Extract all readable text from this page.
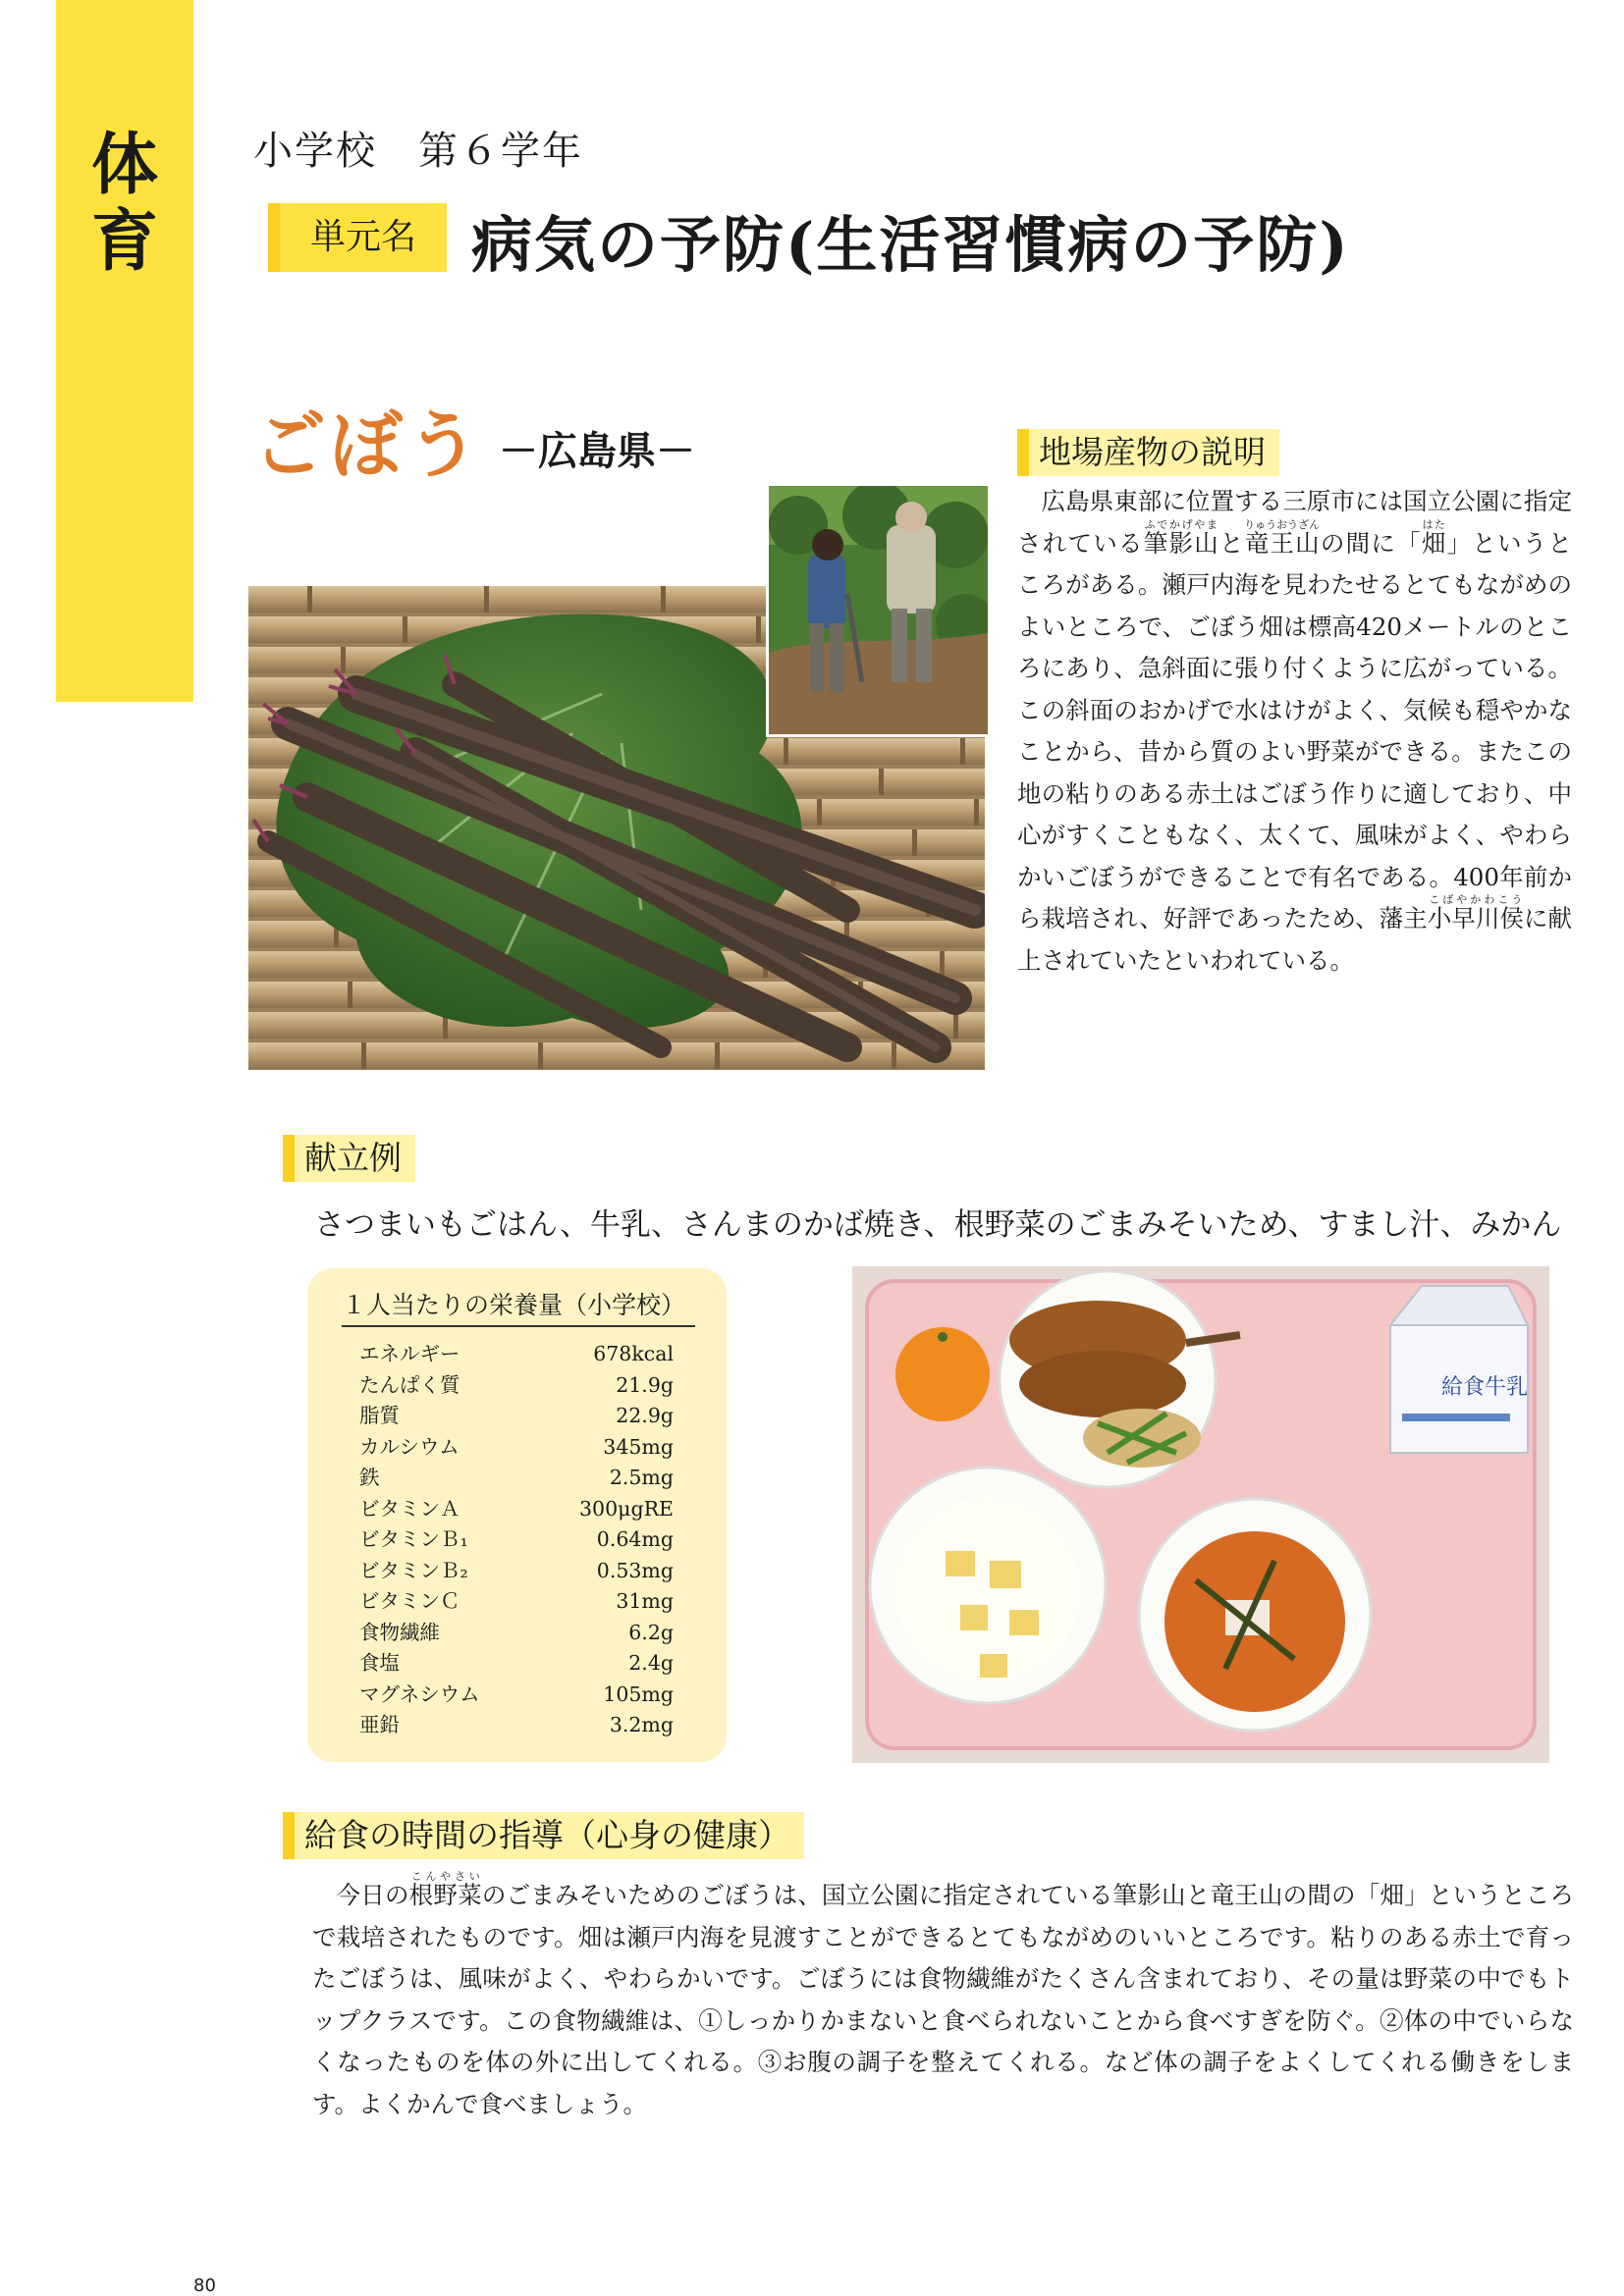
体
育
小学校　第６学年
単元名 病気の予防(生活習慣病の予防)
ごぼう －広島県－	地場産物の説明

広島県東部に位置する三原市には国立公園に指定されている筆影山ふでかげやまと竜王山りゅうおうざんの間に「畑はた」というところがある。瀬戸内海を見わたせるとてもながめのよいところで、ごぼう畑は標高420メートルのところにあり、急斜面に張り付くように広がっている。この斜面のおかげで水はけがよく、気候も穏やかなことから、昔から質のよい野菜ができる。またこの地の粘りのある赤土はごぼう作りに適しており、中心がすくこともなく、太くて、風味がよく、やわらかいごぼうができることで有名である。400年前から栽培され、好評であったため、藩主小早川侯こばやかわこうに献上されていたといわれている。

献立例
さつまいもごはん、牛乳、さんまのかば焼き、根野菜のごまみそいため、すまし汁、みかん
１人当たりの栄養量（小学校）
エネルギー	678kcal
たんぱく質	21.9g
脂質	22.9g
カルシウム	345mg
鉄	2.5mg
ビタミンＡ	300μgRE
ビタミンＢ₁	0.64mg
ビタミンＢ₂	0.53mg
ビタミンＣ	31mg
食物繊維	6.2g
食塩	2.4g
マグネシウム	105mg
亜鉛	3.2mg
給食牛乳
給食の時間の指導（心身の健康）

今日の根野菜こんやさいのごまみそいためのごぼうは、国立公園に指定されている筆影山と竜王山の間の「畑」というところで栽培されたものです。畑は瀬戸内海を見渡すことができるとてもながめのいいところです。粘りのある赤土で育ったごぼうは、風味がよく、やわらかいです。ごぼうには食物繊維がたくさん含まれており、その量は野菜の中でもトップクラスです。この食物繊維は、①しっかりかまないと食べられないことから食べすぎを防ぐ。②体の中でいらなくなったものを体の外に出してくれる。③お腹の調子を整えてくれる。など体の調子をよくしてくれる働きをします。よくかんで食べましょう。

80
